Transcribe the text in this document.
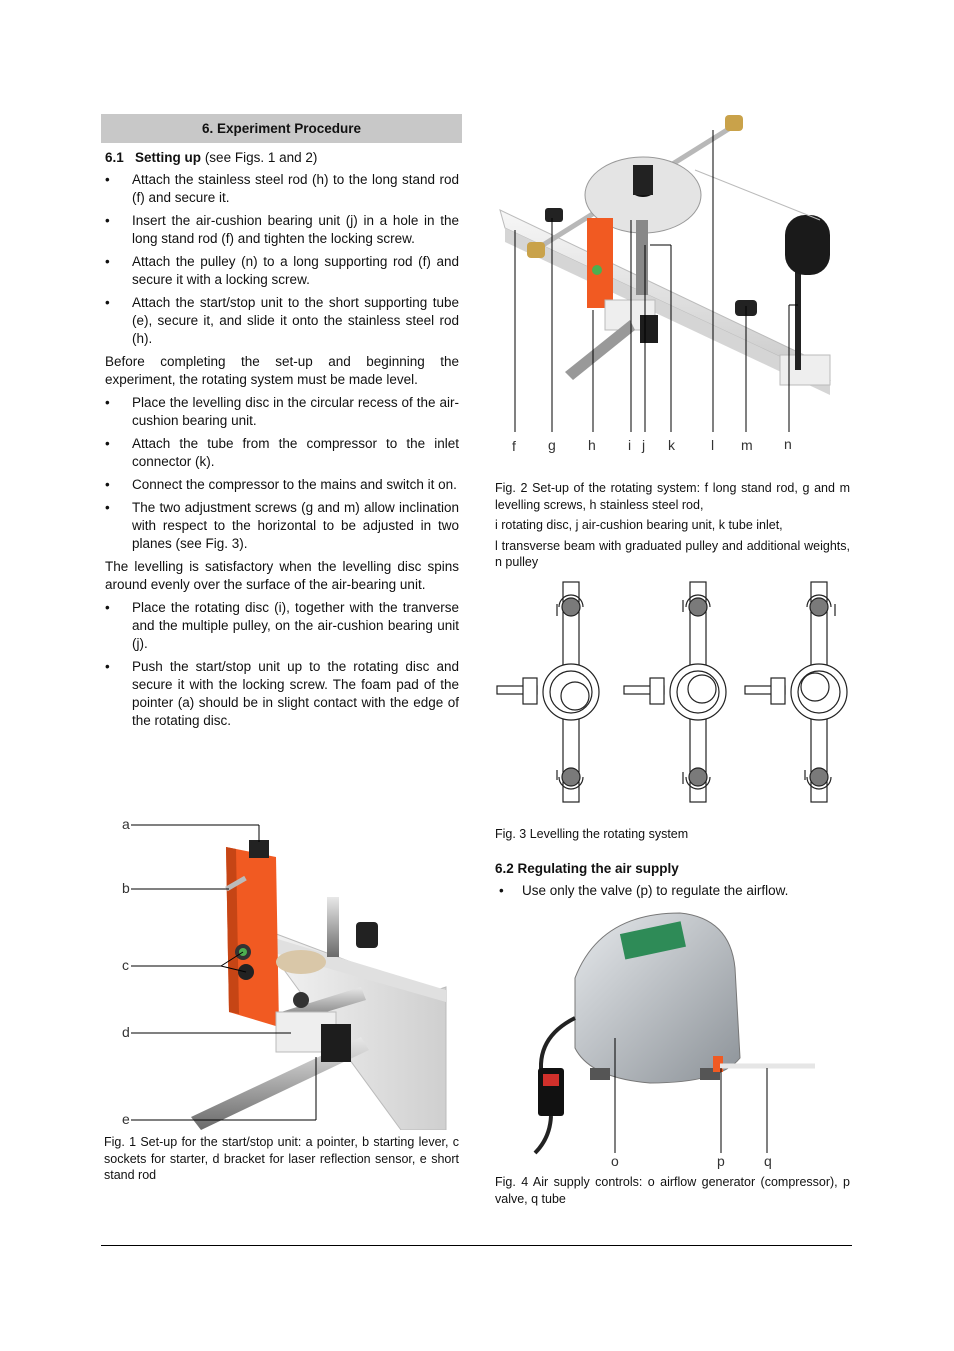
6. Experiment Procedure

6.1 Setting up (see Figs. 1 and 2)

• Attach the stainless steel rod (h) to the long stand rod (f) and secure it.
• Insert the air-cushion bearing unit (j) in a hole in the long stand rod (f) and tighten the locking screw.
• Attach the pulley (n) to a long supporting rod (f) and secure it with a locking screw.
• Attach the start/stop unit to the short supporting tube (e), secure it, and slide it onto the stainless steel rod (h).

Before completing the set-up and beginning the experiment, the rotating system must be made level.

• Place the levelling disc in the circular recess of the air-cushion bearing unit.
• Attach the tube from the compressor to the inlet connector (k).
• Connect the compressor to the mains and switch it on.
• The two adjustment screws (g and m) allow inclination with respect to the horizontal to be adjusted in two planes (see Fig. 3).

The levelling is satisfactory when the levelling disc spins around evenly over the surface of the air-bearing unit.

• Place the rotating disc (i), together with the tranverse and the multiple pulley, on the air-cushion bearing unit (j).
• Push the start/stop unit up to the rotating disc and secure it with the locking screw. The foam pad of the pointer (a) should be in slight contact with the edge of the rotating disc.
a
b
c
d
e
Fig. 1 Set-up for the start/stop unit: a pointer, b starting lever, c sockets for starter, d bracket for laser reflection sensor, e short stand rod
f g h i j k	l m n
Fig. 2 Set-up of the rotating system: f long stand rod, g and m levelling screws, h stainless steel rod,
i rotating disc, j air-cushion bearing unit, k tube inlet,
l transverse beam with graduated pulley and additional weights, n pulley
Fig. 3 Levelling the rotating system
6.2 Regulating the air supply
• Use only the valve (p) to regulate the airflow.
o	p	q
Fig. 4 Air supply controls: o airflow generator (compressor), p valve, q tube
